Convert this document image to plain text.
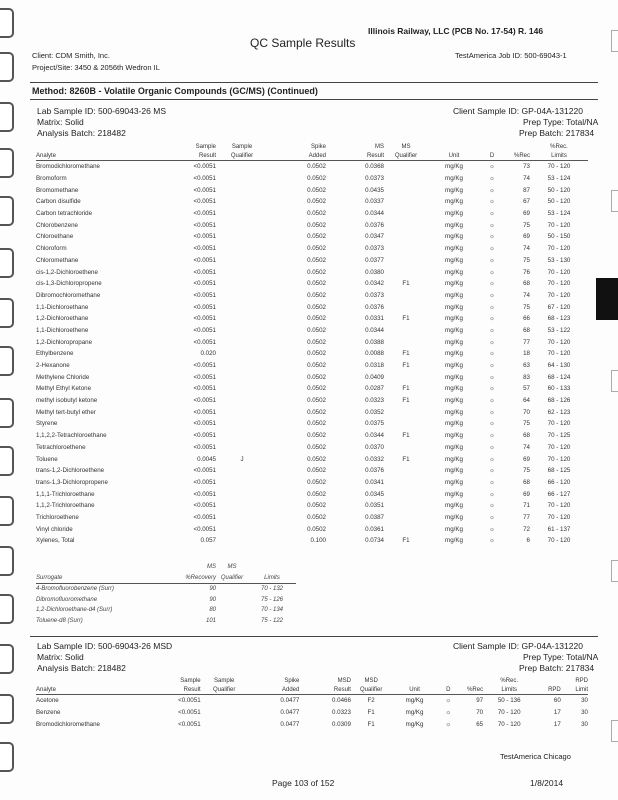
Illinois Railway, LLC (PCB No. 17-54) R. 146
QC Sample Results
Client: CDM Smith, Inc.	TestAmerica Job ID: 500-69043-1
Project/Site: 3450 & 2056th Wedron IL
Method: 8260B - Volatile Organic Compounds (GC/MS) (Continued)
Lab Sample ID: 500-69043-26 MS	Client Sample ID: GP-04A-131220
Matrix: Solid	Prep Type: Total/NA
Analysis Batch: 218482	Prep Batch: 217834
	Sample	Sample	Spike	MS	MS				%Rec.
Analyte	Result	Qualifier	Added	Result	Qualifier	Unit	D	%Rec	Limits
Bromodichloromethane	<0.0051		0.0502	0.0368		mg/Kg	☼	73	70 - 120
Bromoform	<0.0051		0.0502	0.0373		mg/Kg	☼	74	53 - 124
Bromomethane	<0.0051		0.0502	0.0435		mg/Kg	☼	87	50 - 120
Carbon disulfide	<0.0051		0.0502	0.0337		mg/Kg	☼	67	50 - 120
Carbon tetrachloride	<0.0051		0.0502	0.0344		mg/Kg	☼	69	53 - 124
Chlorobenzene	<0.0051		0.0502	0.0376		mg/Kg	☼	75	70 - 120
Chloroethane	<0.0051		0.0502	0.0347		mg/Kg	☼	69	50 - 150
Chloroform	<0.0051		0.0502	0.0373		mg/Kg	☼	74	70 - 120
Chloromethane	<0.0051		0.0502	0.0377		mg/Kg	☼	75	53 - 130
cis-1,2-Dichloroethene	<0.0051		0.0502	0.0380		mg/Kg	☼	76	70 - 120
cis-1,3-Dichloropropene	<0.0051		0.0502	0.0342	F1	mg/Kg	☼	68	70 - 120
Dibromochloromethane	<0.0051		0.0502	0.0373		mg/Kg	☼	74	70 - 120
1,1-Dichloroethane	<0.0051		0.0502	0.0376		mg/Kg	☼	75	67 - 120
1,2-Dichloroethane	<0.0051		0.0502	0.0331	F1	mg/Kg	☼	66	68 - 123
1,1-Dichloroethene	<0.0051		0.0502	0.0344		mg/Kg	☼	68	53 - 122
1,2-Dichloropropane	<0.0051		0.0502	0.0388		mg/Kg	☼	77	70 - 120
Ethylbenzene	0.020		0.0502	0.0088	F1	mg/Kg	☼	18	70 - 120
2-Hexanone	<0.0051		0.0502	0.0318	F1	mg/Kg	☼	63	64 - 130
Methylene Chloride	<0.0051		0.0502	0.0409		mg/Kg	☼	83	68 - 124
Methyl Ethyl Ketone	<0.0051		0.0502	0.0287	F1	mg/Kg	☼	57	60 - 133
methyl isobutyl ketone	<0.0051		0.0502	0.0323	F1	mg/Kg	☼	64	68 - 126
Methyl tert-butyl ether	<0.0051		0.0502	0.0352		mg/Kg	☼	70	62 - 123
Styrene	<0.0051		0.0502	0.0375		mg/Kg	☼	75	70 - 120
1,1,2,2-Tetrachloroethane	<0.0051		0.0502	0.0344	F1	mg/Kg	☼	68	70 - 125
Tetrachloroethene	<0.0051		0.0502	0.0370		mg/Kg	☼	74	70 - 120
Toluene	0.0045	J	0.0502	0.0332	F1	mg/Kg	☼	69	70 - 120
trans-1,2-Dichloroethene	<0.0051		0.0502	0.0376		mg/Kg	☼	75	68 - 125
trans-1,3-Dichloropropene	<0.0051		0.0502	0.0341		mg/Kg	☼	68	66 - 120
1,1,1-Trichloroethane	<0.0051		0.0502	0.0345		mg/Kg	☼	69	66 - 127
1,1,2-Trichloroethane	<0.0051		0.0502	0.0351		mg/Kg	☼	71	70 - 120
Trichloroethene	<0.0051		0.0502	0.0387		mg/Kg	☼	77	70 - 120
Vinyl chloride	<0.0051		0.0502	0.0361		mg/Kg	☼	72	61 - 137
Xylenes, Total	0.057		0.100	0.0734	F1	mg/Kg	☼	6	70 - 120
	MS	MS	
Surrogate	%Recovery	Qualifier	Limits
4-Bromofluorobenzene (Surr)	90		70 - 132
Dibromofluoromethane	90		75 - 126
1,2-Dichloroethane-d4 (Surr)	80		70 - 134
Toluene-d8 (Surr)	101		75 - 122
Lab Sample ID: 500-69043-26 MSD	Client Sample ID: GP-04A-131220
Matrix: Solid	Prep Type: Total/NA
Analysis Batch: 218482	Prep Batch: 217834
	Sample	Sample	Spike	MSD	MSD				%Rec.		RPD
Analyte	Result	Qualifier	Added	Result	Qualifier	Unit	D	%Rec	Limits	RPD	Limit
Acetone	<0.0051		0.0477	0.0466	F2	mg/Kg	☼	97	50 - 136	60	30
Benzene	<0.0051		0.0477	0.0323	F1	mg/Kg	☼	70	70 - 120	17	30
Bromodichloromethane	<0.0051		0.0477	0.0309	F1	mg/Kg	☼	65	70 - 120	17	30
TestAmerica Chicago
Page 103 of 152	1/8/2014
